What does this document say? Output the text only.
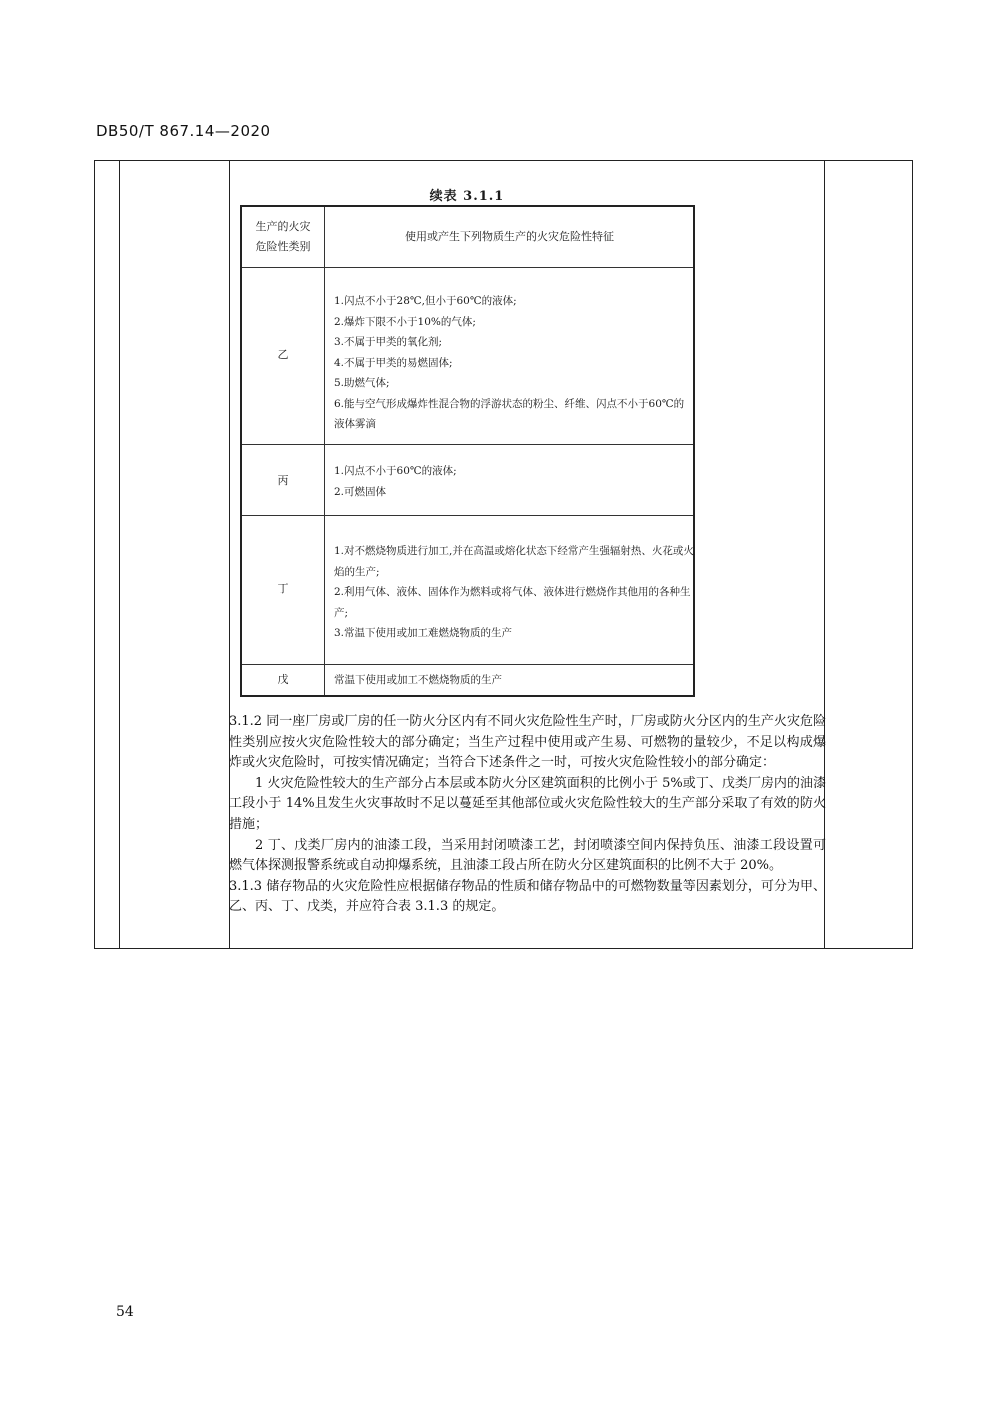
DB50/T 867.14—2020
续表 3.1.1
生产的火灾
危险性类别
使用或产生下列物质生产的火灾危险性特征
乙
1.闪点不小于28℃,但小于60℃的液体;
2.爆炸下限不小于10%的气体;
3.不属于甲类的氧化剂;
4.不属于甲类的易燃固体;
5.助燃气体;
6.能与空气形成爆炸性混合物的浮游状态的粉尘、纤维、闪点不小于60℃的液体雾滴
丙
1.闪点不小于60℃的液体;
2.可燃固体
丁
1.对不燃烧物质进行加工,并在高温或熔化状态下经常产生强辐射热、火花或火焰的生产;
2.利用气体、液体、固体作为燃料或将气体、液体进行燃烧作其他用的各种生产;
3.常温下使用或加工难燃烧物质的生产
戊	常温下使用或加工不燃烧物质的生产

3.1.2 同一座厂房或厂房的任一防火分区内有不同火灾危险性生产时，厂房或防火分区内的生产火灾危险性类别应按火灾危险性较大的部分确定；当生产过程中使用或产生易、可燃物的量较少，不足以构成爆炸或火灾危险时，可按实情况确定；当符合下述条件之一时，可按火灾危险性较小的部分确定：

1 火灾危险性较大的生产部分占本层或本防火分区建筑面积的比例小于 5%或丁、戊类厂房内的油漆工段小于 14%且发生火灾事故时不足以蔓延至其他部位或火灾危险性较大的生产部分采取了有效的防火措施；

2 丁、戊类厂房内的油漆工段，当采用封闭喷漆工艺，封闭喷漆空间内保持负压、油漆工段设置可燃气体探测报警系统或自动抑爆系统，且油漆工段占所在防火分区建筑面积的比例不大于 20%。

3.1.3 储存物品的火灾危险性应根据储存物品的性质和储存物品中的可燃物数量等因素划分，可分为甲、乙、丙、丁、戊类，并应符合表 3.1.3 的规定。

54
